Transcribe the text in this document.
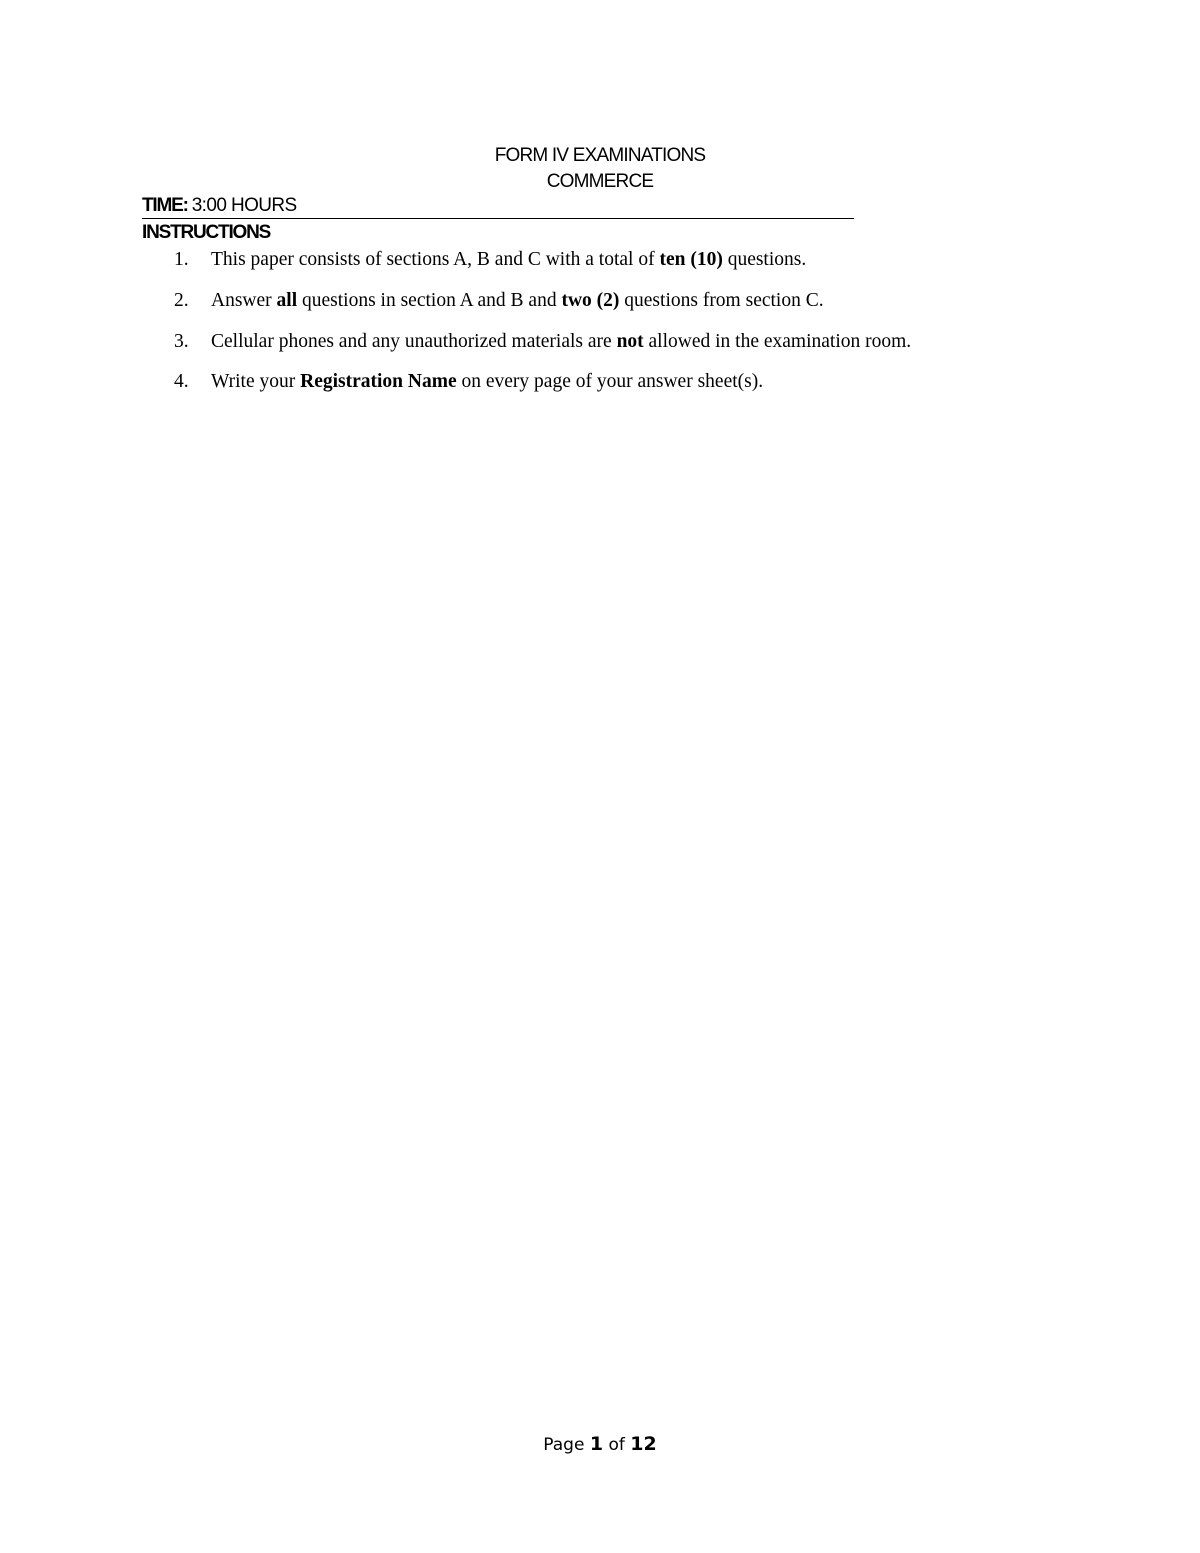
FORM IV EXAMINATIONS
COMMERCE
TIME: 3:00 HOURS
INSTRUCTIONS
1. This paper consists of sections A, B and C with a total of ten (10) questions.
2. Answer all questions in section A and B and two (2) questions from section C.
3. Cellular phones and any unauthorized materials are not allowed in the examination room.
4. Write your Registration Name on every page of your answer sheet(s).
Page 1 of 12
